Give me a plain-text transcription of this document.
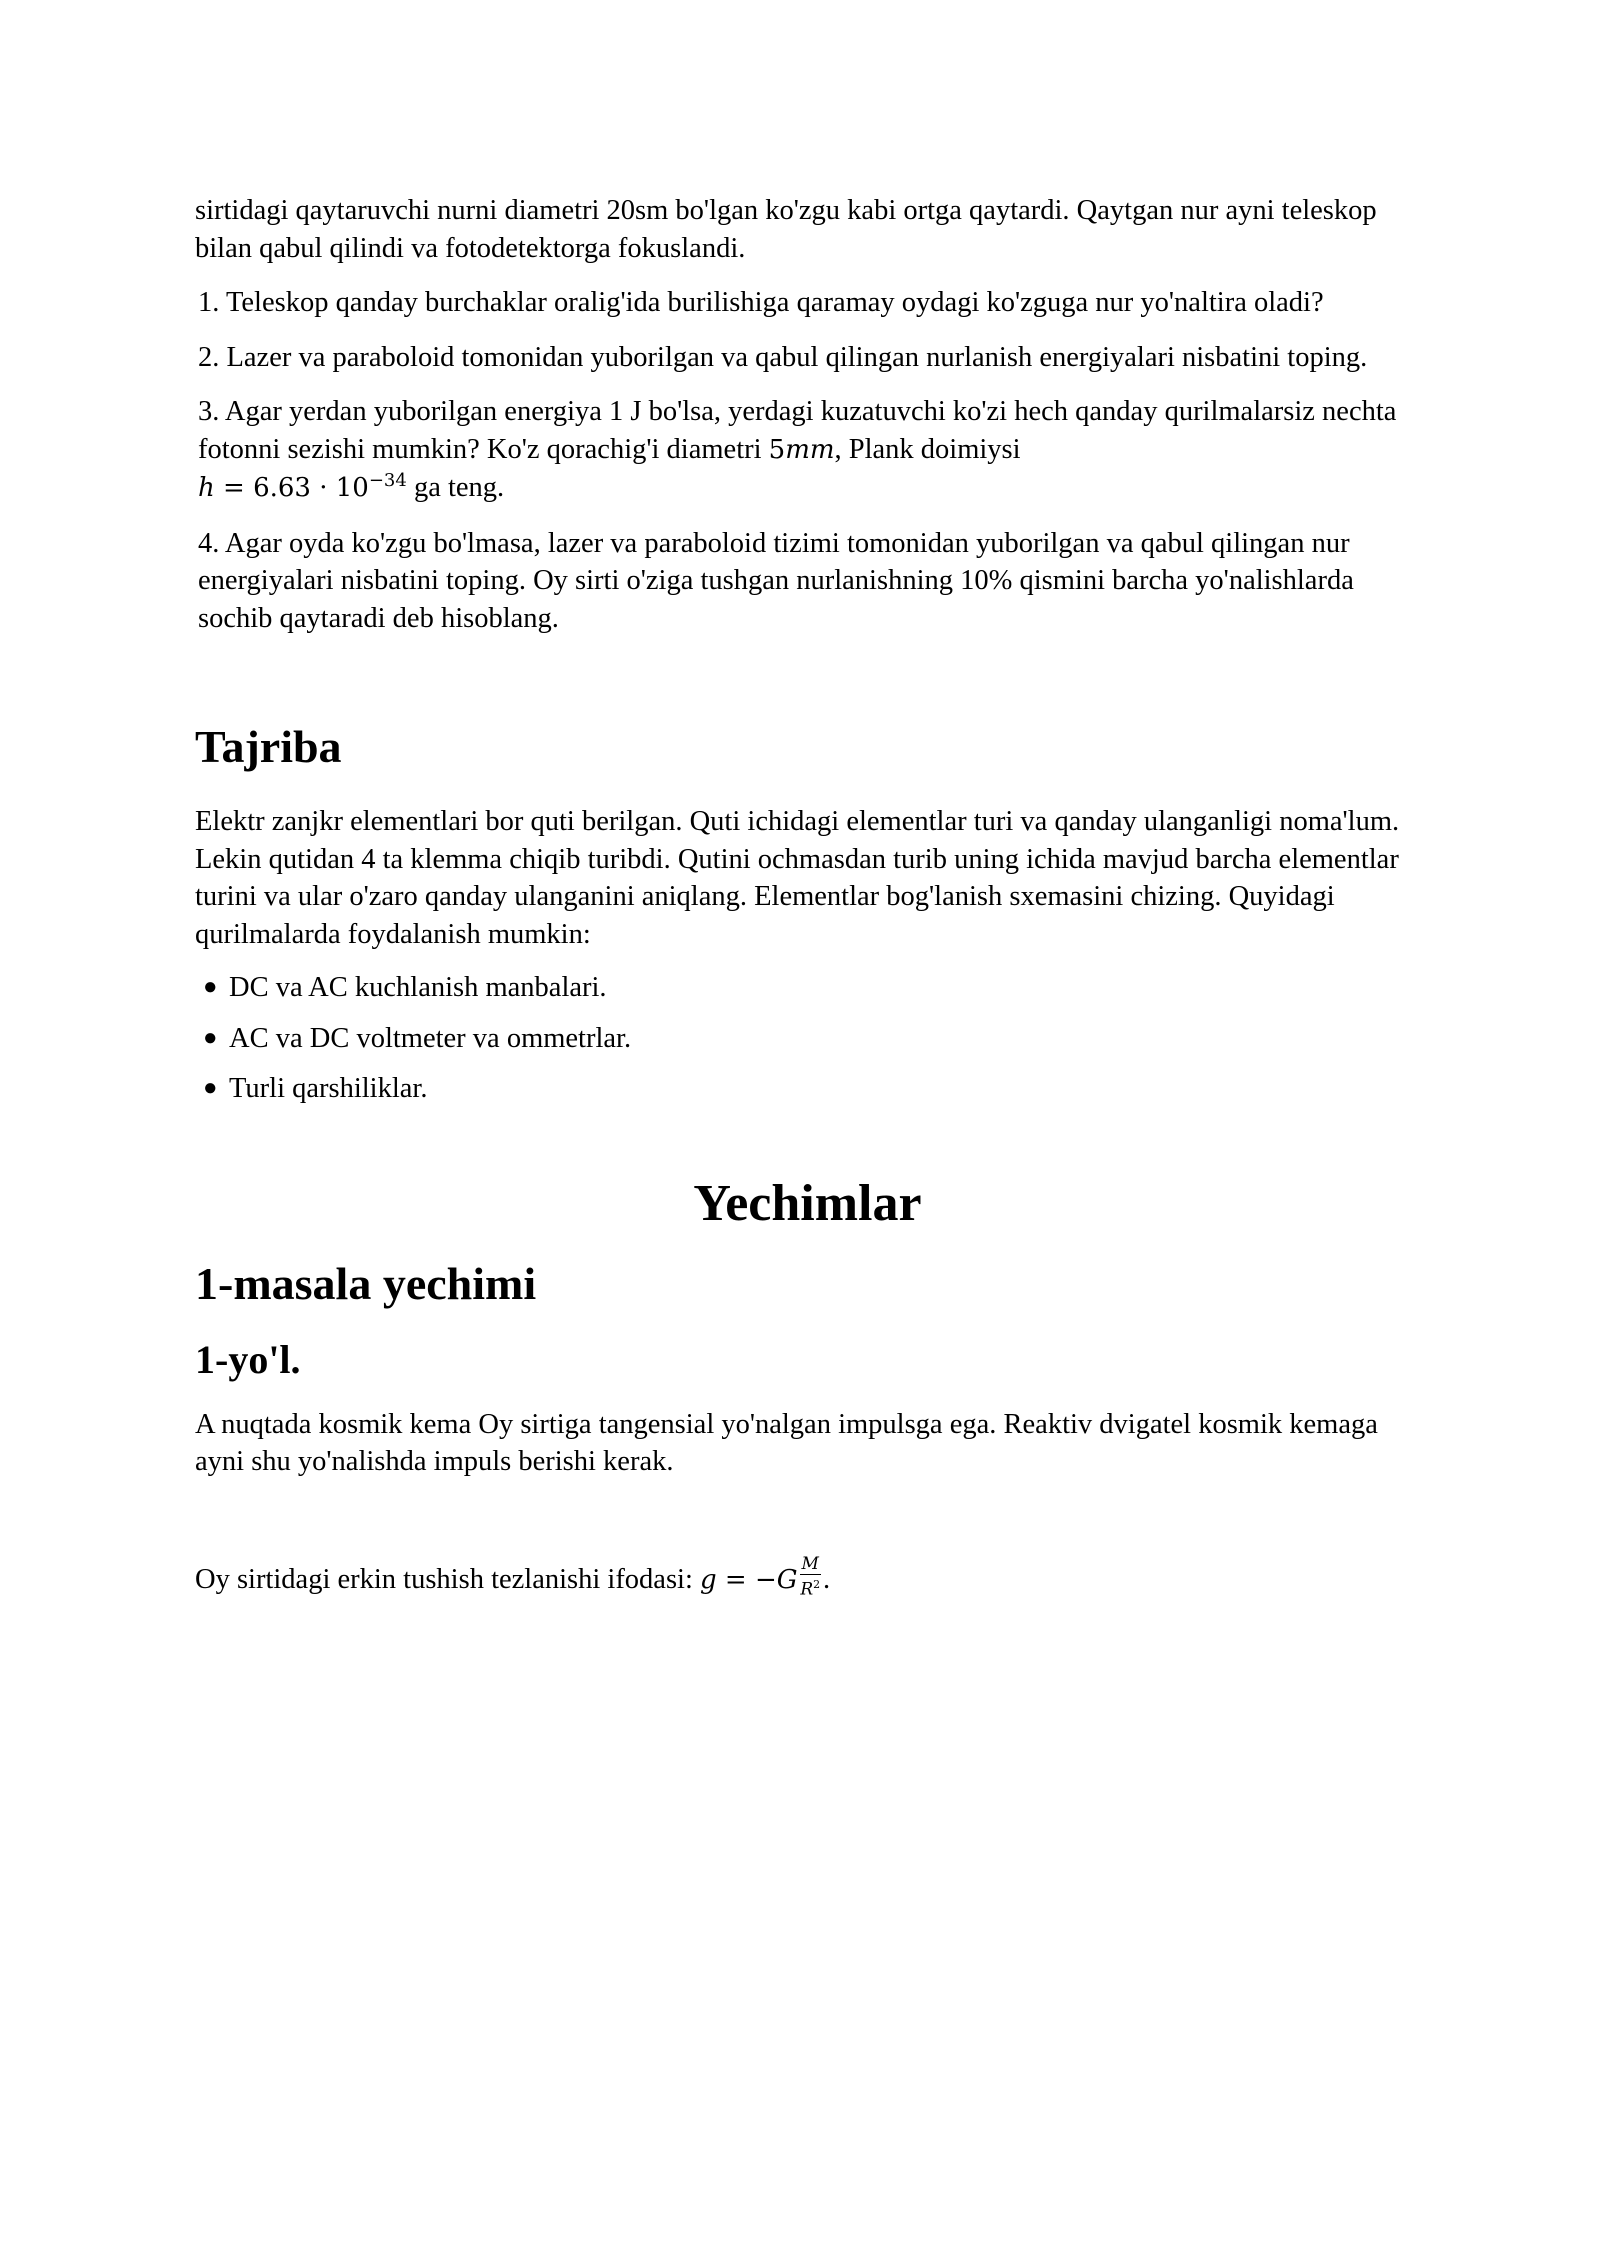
sirtidagi qaytaruvchi nurni diametri 20sm bo'lgan ko'zgu kabi ortga qaytardi. Qaytgan nur ayni teleskop bilan qabul qilindi va fotodetektorga fokuslandi.

1. Teleskop qanday burchaklar oralig'ida burilishiga qaramay oydagi ko'zguga nur yo'naltira oladi?

2. Lazer va paraboloid tomonidan yuborilgan va qabul qilingan nurlanish energiyalari nisbatini toping.

3. Agar yerdan yuborilgan energiya 1 J bo'lsa, yerdagi kuzatuvchi ko'zi hech qanday qurilmalarsiz nechta fotonni sezishi mumkin? Ko'z qorachig'i diametri 5mm, Plank doimiysi
$h = 6.63 \cdot 10^{-34}$ ga teng.

4. Agar oyda ko'zgu bo'lmasa, lazer va paraboloid tizimi tomonidan yuborilgan va qabul qilingan nur energiyalari nisbatini toping. Oy sirti o'ziga tushgan nurlanishning 10% qismini barcha yo'nalishlarda sochib qaytaradi deb hisoblang.

Tajriba

Elektr zanjkr elementlari bor quti berilgan. Quti ichidagi elementlar turi va qanday ulanganligi noma'lum. Lekin qutidan 4 ta klemma chiqib turibdi. Qutini ochmasdan turib uning ichida mavjud barcha elementlar turini va ular o'zaro qanday ulanganini aniqlang. Elementlar bog'lanish sxemasini chizing. Quyidagi qurilmalarda foydalanish mumkin:

● DC va AC kuchlanish manbalari.
● AC va DC voltmeter va ommetrlar.
● Turli qarshiliklar.
Yechimlar
1-masala yechimi
1-yo'l.

A nuqtada kosmik kema Oy sirtiga tangensial yo'nalgan impulsga ega. Reaktiv dvigatel kosmik kemaga ayni shu yo'nalishda impuls berishi kerak.

Oy sirtidagi erkin tushish tezlanishi ifodasi: $g = -G \frac{M}{R^2}$ .
